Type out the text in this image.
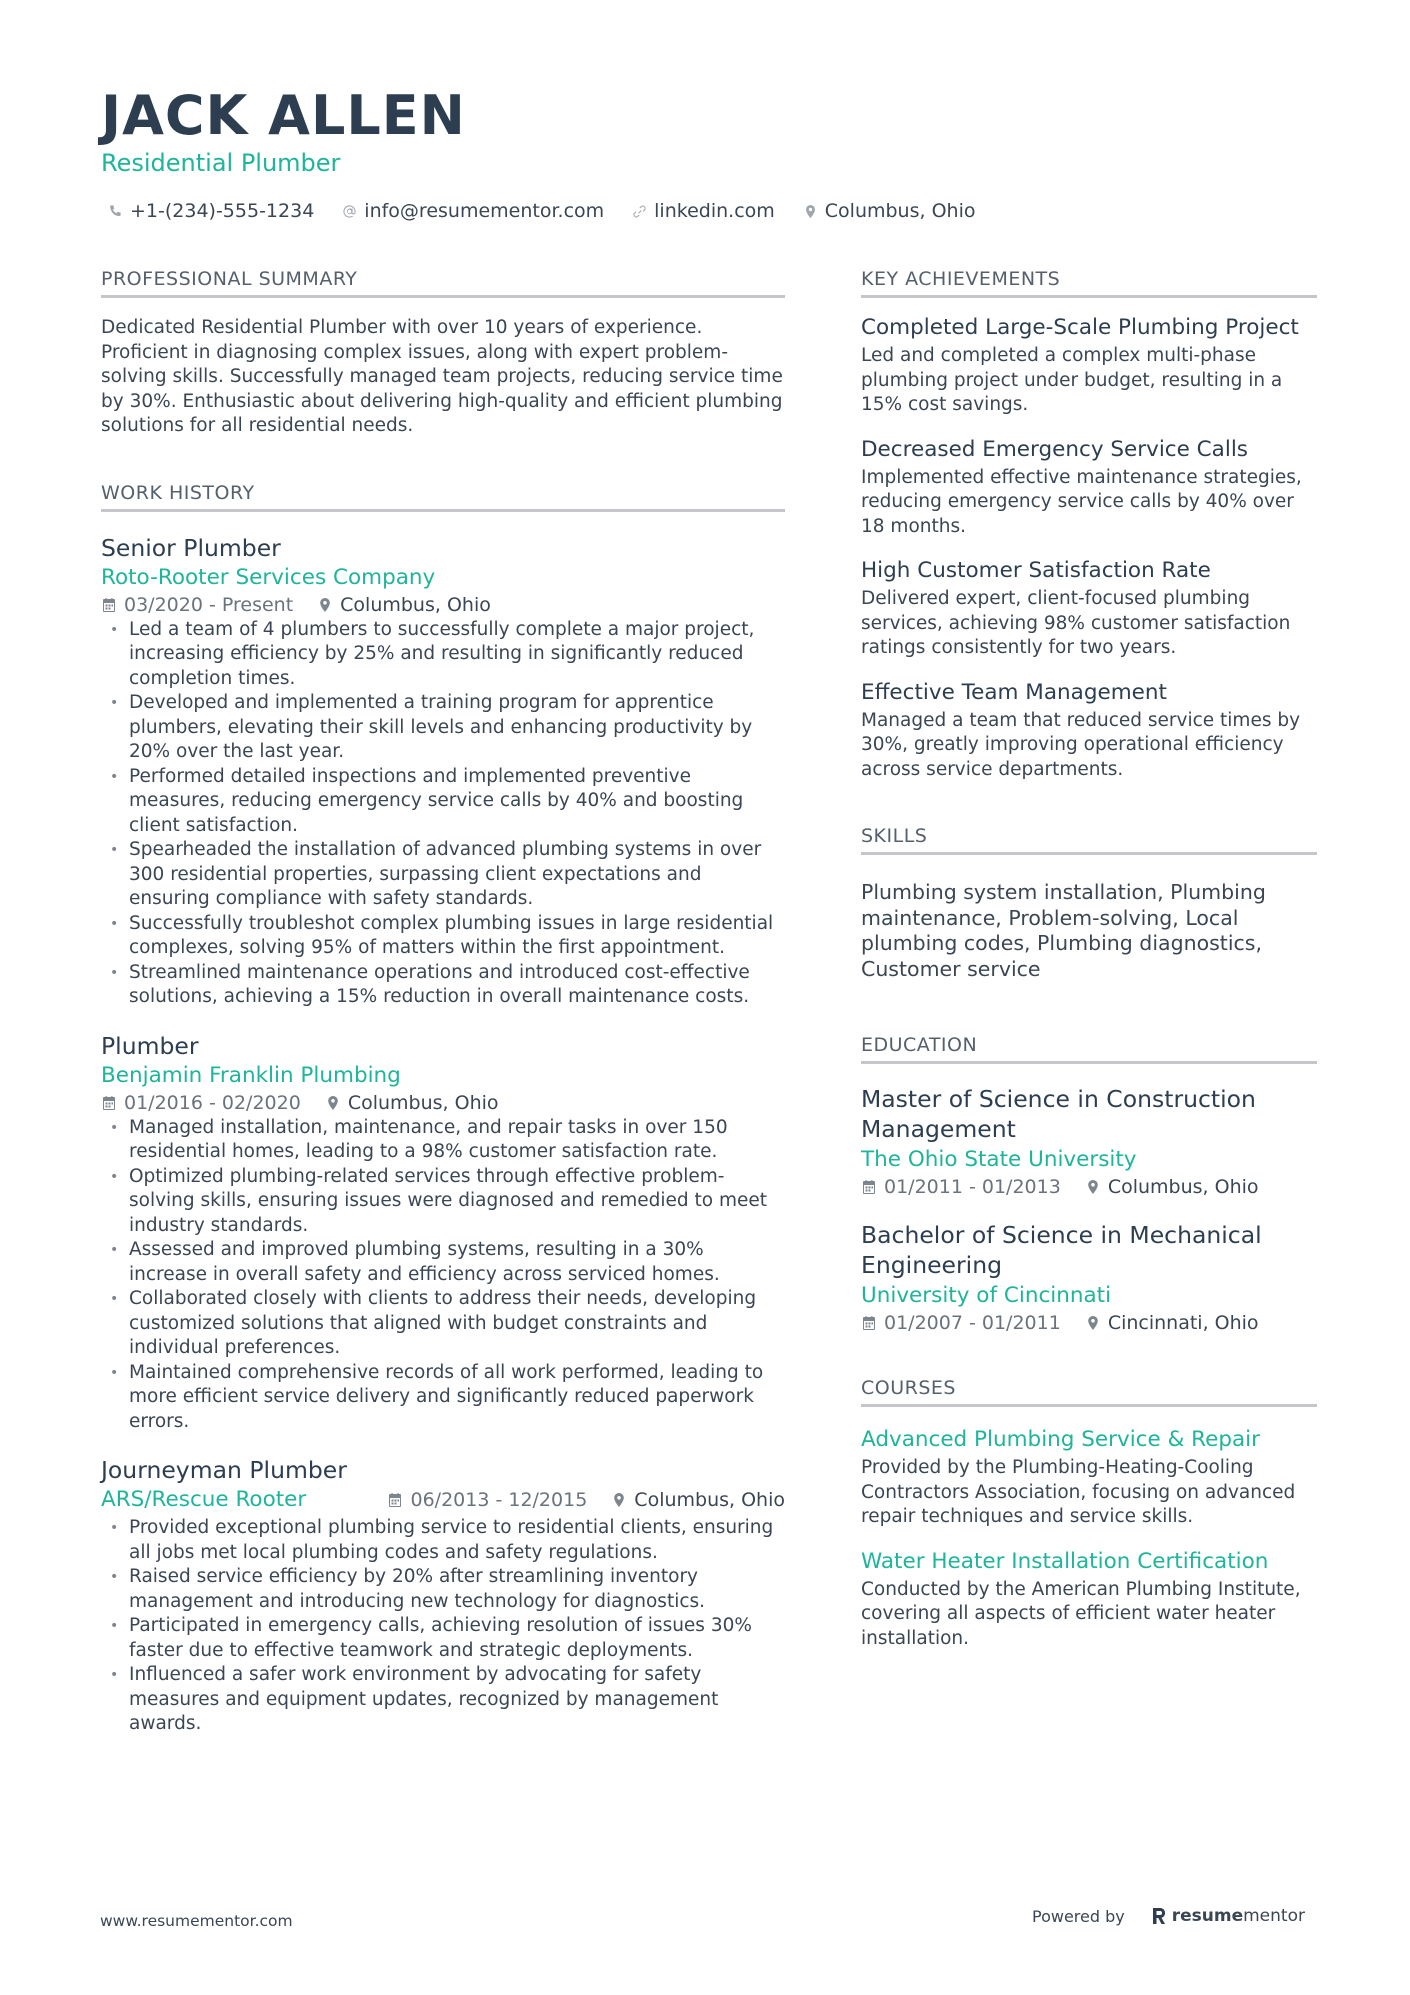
JACK ALLEN
Residential Plumber
+1-(234)-555-1234	info@resumementor.com	linkedin.com	Columbus, Ohio
PROFESSIONAL SUMMARY
Dedicated Residential Plumber with over 10 years of experience. Proficient in diagnosing complex issues, along with expert problem-solving skills. Successfully managed team projects, reducing service time by 30%. Enthusiastic about delivering high-quality and efficient plumbing solutions for all residential needs.
WORK HISTORY
Senior Plumber
Roto-Rooter Services Company
03/2020 - Present Columbus, Ohio
• Led a team of 4 plumbers to successfully complete a major project, increasing efficiency by 25% and resulting in significantly reduced completion times.
• Developed and implemented a training program for apprentice plumbers, elevating their skill levels and enhancing productivity by 20% over the last year.
• Performed detailed inspections and implemented preventive measures, reducing emergency service calls by 40% and boosting client satisfaction.
• Spearheaded the installation of advanced plumbing systems in over 300 residential properties, surpassing client expectations and ensuring compliance with safety standards.
• Successfully troubleshot complex plumbing issues in large residential complexes, solving 95% of matters within the first appointment.
• Streamlined maintenance operations and introduced cost-effective solutions, achieving a 15% reduction in overall maintenance costs.
Plumber
Benjamin Franklin Plumbing
01/2016 - 02/2020 Columbus, Ohio
• Managed installation, maintenance, and repair tasks in over 150 residential homes, leading to a 98% customer satisfaction rate.
• Optimized plumbing-related services through effective problem-solving skills, ensuring issues were diagnosed and remedied to meet industry standards.
• Assessed and improved plumbing systems, resulting in a 30% increase in overall safety and efficiency across serviced homes.
• Collaborated closely with clients to address their needs, developing customized solutions that aligned with budget constraints and individual preferences.
• Maintained comprehensive records of all work performed, leading to more efficient service delivery and significantly reduced paperwork errors.
Journeyman Plumber
ARS/Rescue Rooter	06/2013 - 12/2015 Columbus, Ohio
• Provided exceptional plumbing service to residential clients, ensuring all jobs met local plumbing codes and safety regulations.
• Raised service efficiency by 20% after streamlining inventory management and introducing new technology for diagnostics.
• Participated in emergency calls, achieving resolution of issues 30% faster due to effective teamwork and strategic deployments.
• Influenced a safer work environment by advocating for safety measures and equipment updates, recognized by management awards.
KEY ACHIEVEMENTS
Completed Large-Scale Plumbing Project
Led and completed a complex multi-phase plumbing project under budget, resulting in a 15% cost savings.
Decreased Emergency Service Calls
Implemented effective maintenance strategies, reducing emergency service calls by 40% over 18 months.
High Customer Satisfaction Rate
Delivered expert, client-focused plumbing services, achieving 98% customer satisfaction ratings consistently for two years.
Effective Team Management
Managed a team that reduced service times by 30%, greatly improving operational efficiency across service departments.
SKILLS
Plumbing system installation, Plumbing maintenance, Problem-solving, Local plumbing codes, Plumbing diagnostics, Customer service
EDUCATION
Master of Science in Construction Management
The Ohio State University
01/2011 - 01/2013 Columbus, Ohio
Bachelor of Science in Mechanical Engineering
University of Cincinnati
01/2007 - 01/2011 Cincinnati, Ohio
COURSES
Advanced Plumbing Service & Repair
Provided by the Plumbing-Heating-Cooling Contractors Association, focusing on advanced repair techniques and service skills.
Water Heater Installation Certification
Conducted by the American Plumbing Institute, covering all aspects of efficient water heater installation.
www.resumementor.com	Powered by	resumementor
